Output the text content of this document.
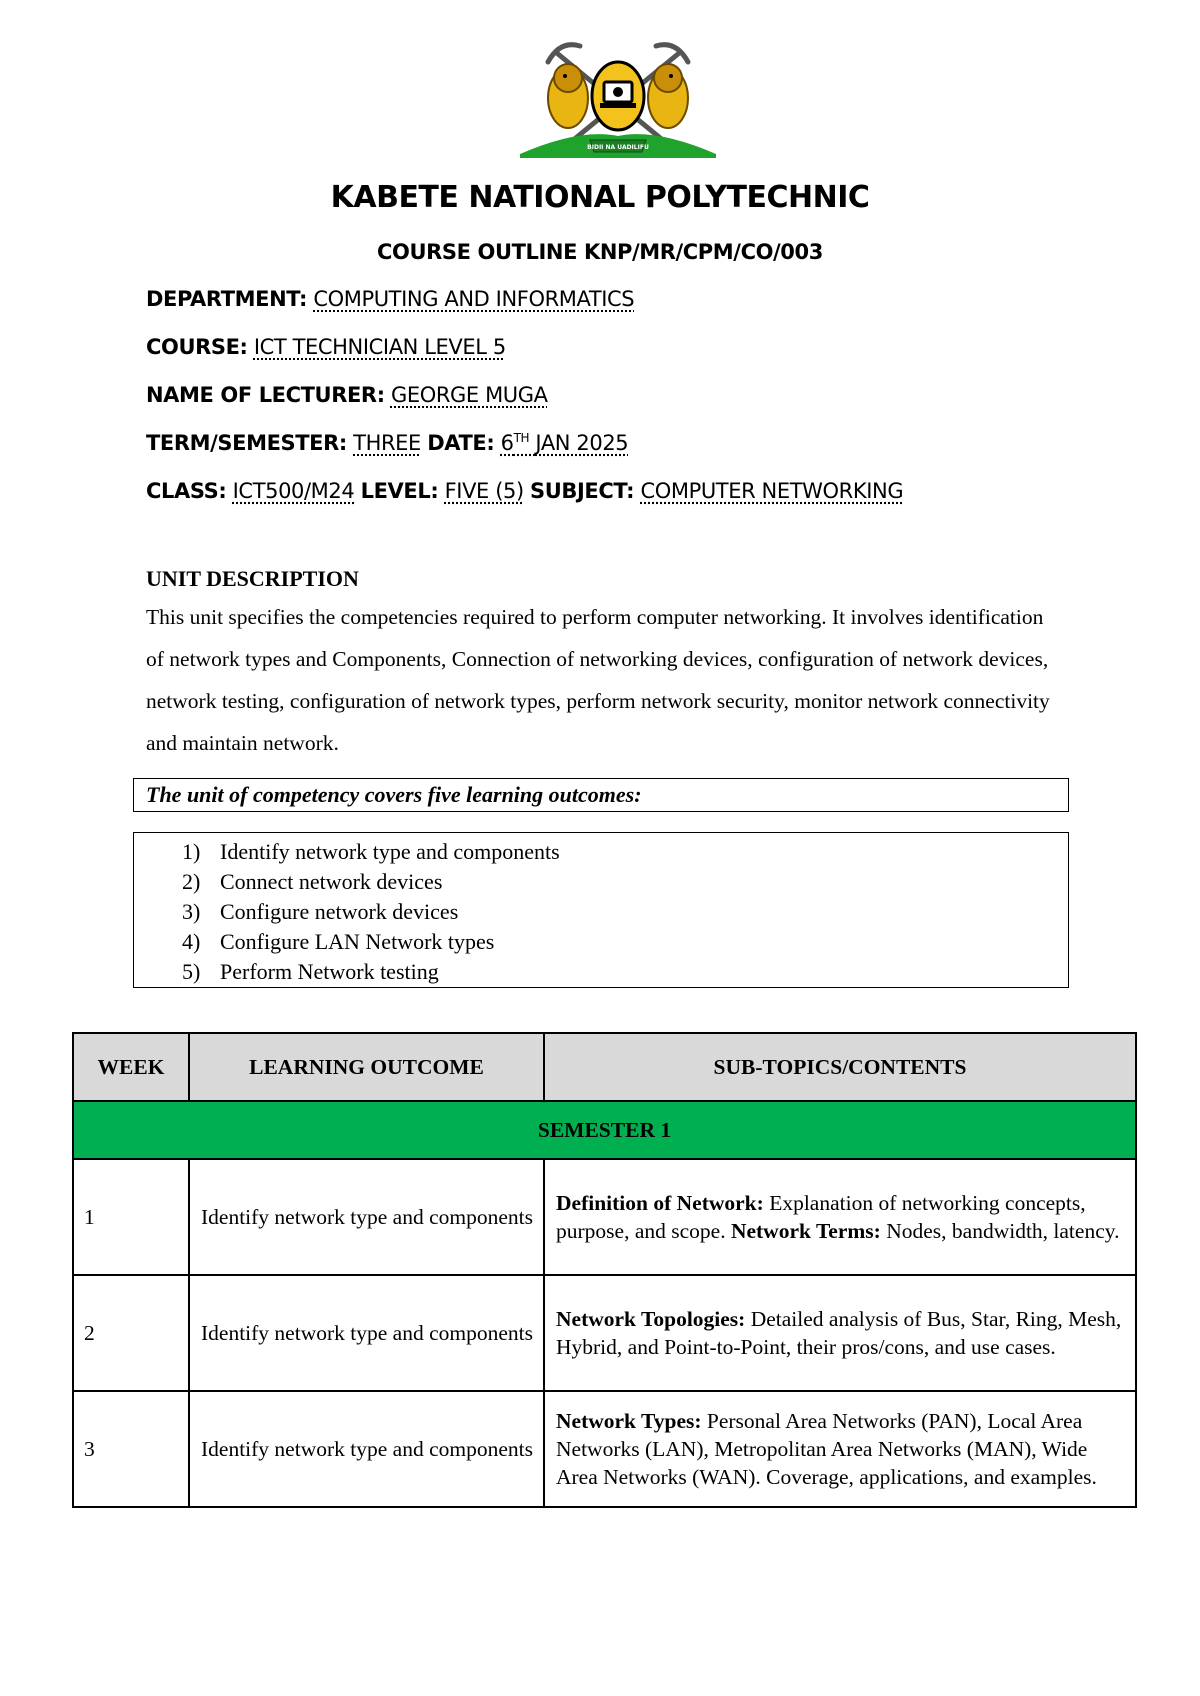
BIDII NA UADILIFU
KABETE NATIONAL POLYTECHNIC
COURSE OUTLINE KNP/MR/CPM/CO/003
DEPARTMENT: COMPUTING AND INFORMATICS
COURSE: ICT TECHNICIAN LEVEL 5
NAME OF LECTURER: GEORGE MUGA
TERM/SEMESTER: THREE DATE: 6TH JAN 2025
CLASS: ICT500/M24 LEVEL: FIVE (5) SUBJECT: COMPUTER NETWORKING
UNIT DESCRIPTION
This unit specifies the competencies required to perform computer networking. It involves identification of network types and Components, Connection of networking devices, configuration of network devices, network testing, configuration of network types, perform network security, monitor network connectivity and maintain network.
The unit of competency covers five learning outcomes:
1) Identify network type and components
2) Connect network devices
3) Configure network devices
4) Configure LAN Network types
5) Perform Network testing
WEEK	LEARNING OUTCOME	SUB-TOPICS/CONTENTS
SEMESTER 1		
1	Identify network type and components	Definition of Network: Explanation of networking concepts, purpose, and scope. Network Terms: Nodes, bandwidth, latency.
2	Identify network type and components	Network Topologies: Detailed analysis of Bus, Star, Ring, Mesh, Hybrid, and Point-to-Point, their pros/cons, and use cases.
3	Identify network type and components	Network Types: Personal Area Networks (PAN), Local Area Networks (LAN), Metropolitan Area Networks (MAN), Wide Area Networks (WAN). Coverage, applications, and examples.
